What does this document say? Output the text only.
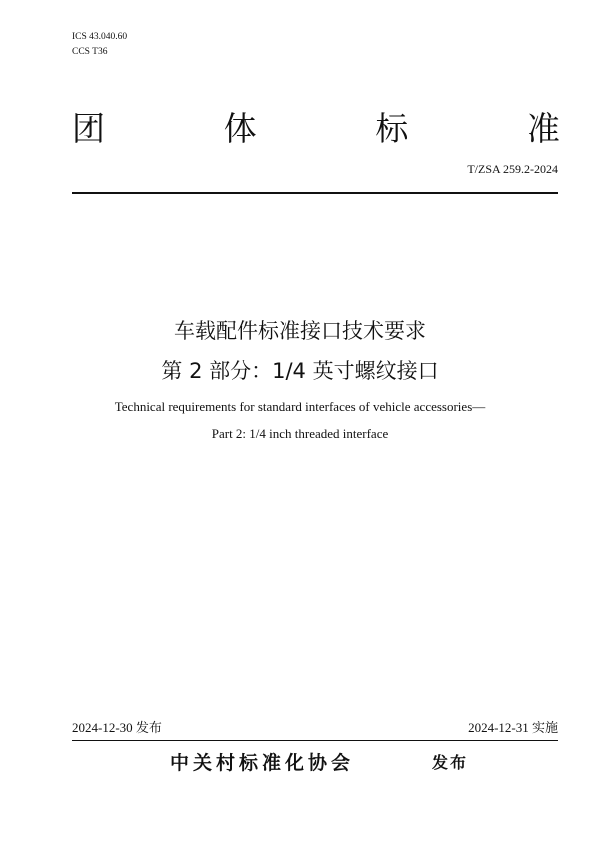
ICS 43.040.60
CCS T36
团	体	标	准
T/ZSA 259.2-2024
车载配件标准接口技术要求
第 2 部分：1/4 英寸螺纹接口
Technical requirements for standard interfaces of vehicle accessories—
Part 2: 1/4 inch threaded interface
2024-12-30 发布	2024-12-31 实施
中关村标准化协会	发布
